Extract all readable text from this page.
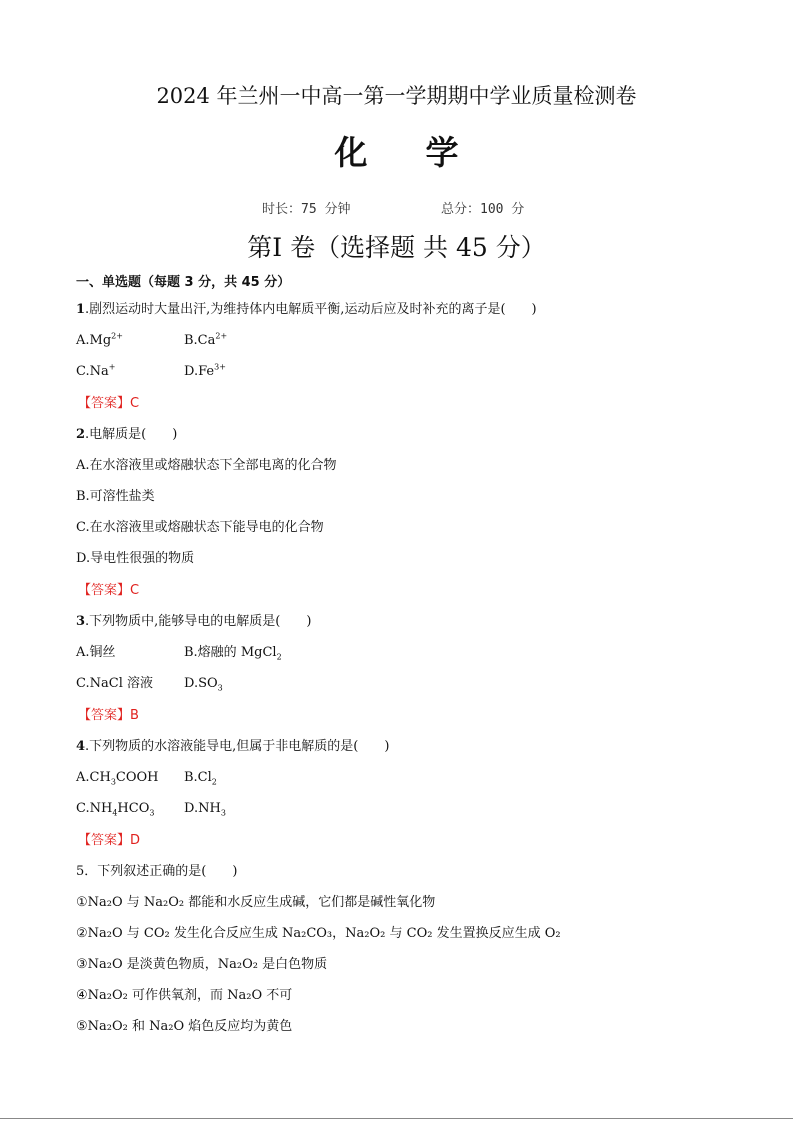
2024 年兰州一中高一第一学期期中学业质量检测卷
化学
时长：75 分钟	总分：100 分
第Ⅰ 卷（选择题 共 45 分）
一、单选题（每题 3 分，共 45 分）
1.剧烈运动时大量出汗,为维持体内电解质平衡,运动后应及时补充的离子是(　　)
$A.Mg^{2+}$	$B.Ca^{2+}$
C.Na+	$D.Fe^{3+}$
【答案】C
2.电解质是(　　)
A.在水溶液里或熔融状态下全部电离的化合物
B.可溶性盐类
C.在水溶液里或熔融状态下能导电的化合物
D.导电性很强的物质
【答案】C
3.下列物质中,能够导电的电解质是(　　)
A.铜丝	B.熔融的 MgCl$_2$
C.NaCl 溶液 $D.SO_3$
【答案】B
4.下列物质的水溶液能导电,但属于非电解质的是(　　)
$A.CH_3COOH$ $B.Cl_2$
$C.NH_4HCO_3$ $D.NH_3$
【答案】D
5．下列叙述正确的是(　　)
①Na₂O 与 Na₂O₂ 都能和水反应生成碱，它们都是碱性氧化物
②Na₂O 与 CO₂ 发生化合反应生成 Na₂CO₃，Na₂O₂ 与 CO₂ 发生置换反应生成 O₂
③Na₂O 是淡黄色物质，Na₂O₂ 是白色物质
④Na₂O₂ 可作供氧剂，而 Na₂O 不可
⑤Na₂O₂ 和 Na₂O 焰色反应均为黄色
